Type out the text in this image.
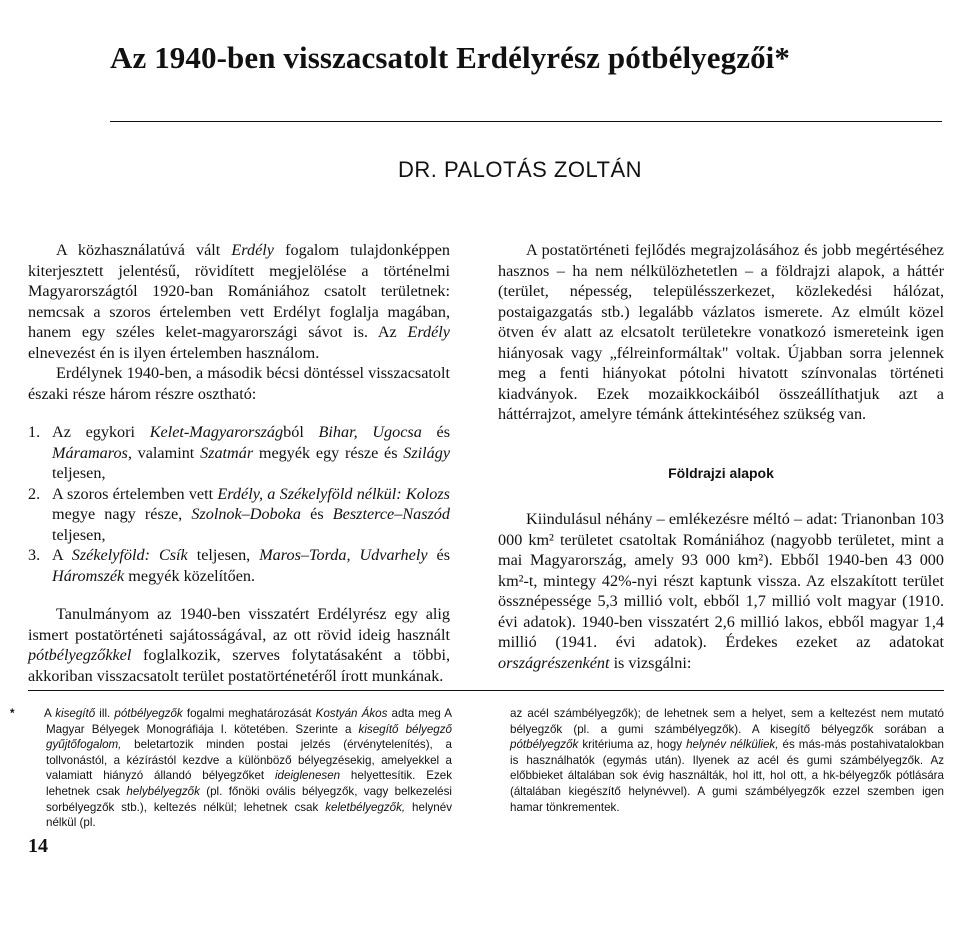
Az 1940-ben visszacsatolt Erdélyrész pótbélyegzői*
DR. PALOTÁS ZOLTÁN

A közhasználatúvá vált Erdély fogalom tulajdonképpen kiterjesztett jelentésű, rövidített megjelölése a történelmi Magyarországtól 1920-ban Romániához csatolt területnek: nemcsak a szoros értelemben vett Erdélyt foglalja magában, hanem egy széles kelet-magyarországi sávot is. Az Erdély elnevezést én is ilyen értelemben használom.

Erdélynek 1940-ben, a második bécsi döntéssel visszacsatolt északi része három részre osztható:

1. Az egykori Kelet-Magyarországból Bihar, Ugocsa és Máramaros, valamint Szatmár megyék egy része és Szilágy teljesen,
2. A szoros értelemben vett Erdély, a Székelyföld nélkül: Kolozs megye nagy része, Szolnok–Doboka és Beszterce–Naszód teljesen,
3. A Székelyföld: Csík teljesen, Maros–Torda, Udvarhely és Háromszék megyék közelítően.

Tanulmányom az 1940-ben visszatért Erdélyrész egy alig ismert postatörténeti sajátosságával, az ott rövid ideig használt pótbélyegzőkkel foglalkozik, szerves folytatásaként a többi, akkoriban visszacsatolt terület postatörténetéről írott munkának.

A postatörténeti fejlődés megrajzolásához és jobb megértéséhez hasznos – ha nem nélkülözhetetlen – a földrajzi alapok, a háttér (terület, népesség, településszerkezet, közlekedési hálózat, postaigazgatás stb.) legalább vázlatos ismerete. Az elmúlt közel ötven év alatt az elcsatolt területekre vonatkozó ismereteink igen hiányosak vagy „félreinformáltak" voltak. Újabban sorra jelennek meg a fenti hiányokat pótolni hivatott színvonalas történeti kiadványok. Ezek mozaikkockáiból összeállíthatjuk azt a háttérrajzot, amelyre témánk áttekintéséhez szükség van.

Földrajzi alapok

Kiindulásul néhány – emlékezésre méltó – adat: Trianonban 103 000 km² területet csatoltak Romániához (nagyobb területet, mint a mai Magyarország, amely 93 000 km²). Ebből 1940-ben 43 000 km²-t, mintegy 42%-nyi részt kaptunk vissza. Az elszakított terület össznépessége 5,3 millió volt, ebből 1,7 millió volt magyar (1910. évi adatok). 1940-ben visszatért 2,6 millió lakos, ebből magyar 1,4 millió (1941. évi adatok). Érdekes ezeket az adatokat országrészenként is vizsgálni:

*	A kisegítő ill. pótbélyegzők fogalmi meghatározását Kostyán Ákos adta meg A Magyar Bélyegek Monográfiája I. kötetében. Szerinte a kisegítő bélyegző gyűjtőfogalom, beletartozik minden postai jelzés (érvénytelenítés), a tollvonástól, a kézírástól kezdve a különböző bélyegzésekig, amelyekkel a valamiatt hiányzó állandó bélyegzőket ideiglenesen helyettesítik. Ezek lehetnek csak helybélyegzők (pl. főnöki ovális bélyegzők, vagy belkezelési sorbélyegzők stb.), keltezés nélkül; lehetnek csak keletbélyegzők, helynév nélkül (pl.

az acél számbélyegzők); de lehetnek sem a helyet, sem a keltezést nem mutató bélyegzők (pl. a gumi számbélyegzők). A kisegítő bélyegzők sorában a pótbélyegzők kritériuma az, hogy helynév nélküliek, és más-más postahivatalokban is használhatók (egymás után). Ilyenek az acél és gumi számbélyegzők. Az előbbieket általában sok évig használták, hol itt, hol ott, a hk-bélyegzők pótlására (általában kiegészítő helynévvel). A gumi számbélyegzők ezzel szemben igen hamar tönkrementek.

14
